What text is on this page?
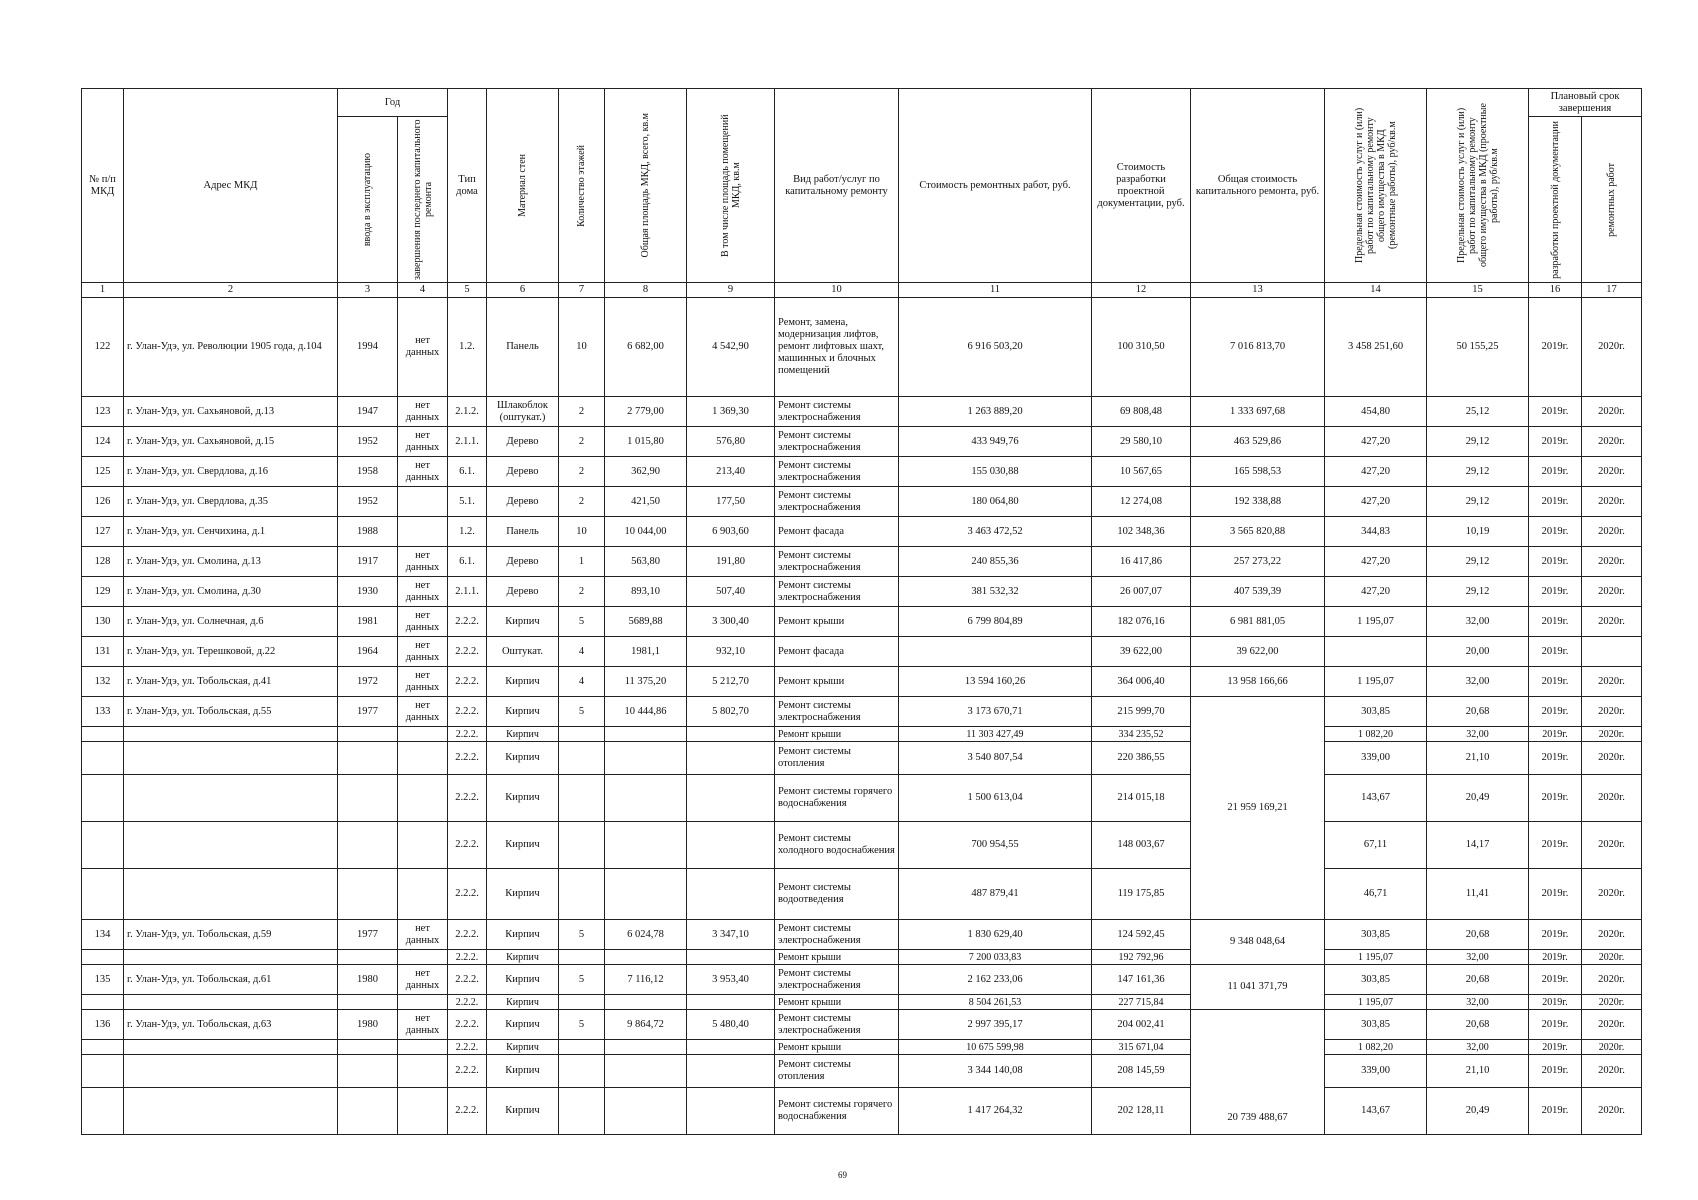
№ п/п МКД	Адрес МКД	Год		Тип дома	Материал стен	Количество этажей	Общая площадь МКД, всего, кв.м	В том числе площадь помещений МКД, кв.м	Вид работ/услуг по капитальному ремонту	Стоимость ремонтных работ, руб.	Стоимость разработки проектной документации, руб.	Общая стоимость капитального ремонта, руб.	Предельная стоимость услуг и (или) работ по капитальному ремонту общего имущества в МКД (ремонтные работы), руб/кв.м	Предельная стоимость услуг и (или) работ по капитальному ремонту общего имущества в МКД (проектные работы), руб/кв.м	Плановый срок завершения	

		ввода в эксплуатацию	завершения последнего капитального ремонта												разработки проектной документации	ремонтных работ

1	2	3	4	5	6	7	8	9	10	11	12	13	14	15	16	17
122	г. Улан-Удэ, ул. Революции 1905 года, д.104	1994	нет данных	1.2.	Панель	10	6 682,00	4 542,90	Ремонт, замена, модернизация лифтов, ремонт лифтовых шахт, машинных и блочных помещений	6 916 503,20	100 310,50	7 016 813,70	3 458 251,60	50 155,25	2019г.	2020г.
123	г. Улан-Удэ, ул. Сахьяновой, д.13	1947	нет данных	2.1.2.	Шлакоблок (оштукат.)	2	2 779,00	1 369,30	Ремонт системы электроснабжения	1 263 889,20	69 808,48	1 333 697,68	454,80	25,12	2019г.	2020г.
124	г. Улан-Удэ, ул. Сахьяновой, д.15	1952	нет данных	2.1.1.	Дерево	2	1 015,80	576,80	Ремонт системы электроснабжения	433 949,76	29 580,10	463 529,86	427,20	29,12	2019г.	2020г.
125	г. Улан-Удэ, ул. Свердлова, д.16	1958	нет данных	6.1.	Дерево	2	362,90	213,40	Ремонт системы электроснабжения	155 030,88	10 567,65	165 598,53	427,20	29,12	2019г.	2020г.
126	г. Улан-Удэ, ул. Свердлова, д.35	1952		5.1.	Дерево	2	421,50	177,50	Ремонт системы электроснабжения	180 064,80	12 274,08	192 338,88	427,20	29,12	2019г.	2020г.
127	г. Улан-Удэ, ул. Сенчихина, д.1	1988		1.2.	Панель	10	10 044,00	6 903,60	Ремонт фасада	3 463 472,52	102 348,36	3 565 820,88	344,83	10,19	2019г.	2020г.
128	г. Улан-Удэ, ул. Смолина, д.13	1917	нет данных	6.1.	Дерево	1	563,80	191,80	Ремонт системы электроснабжения	240 855,36	16 417,86	257 273,22	427,20	29,12	2019г.	2020г.
129	г. Улан-Удэ, ул. Смолина, д.30	1930	нет данных	2.1.1.	Дерево	2	893,10	507,40	Ремонт системы электроснабжения	381 532,32	26 007,07	407 539,39	427,20	29,12	2019г.	2020г.
130	г. Улан-Удэ, ул. Солнечная, д.6	1981	нет данных	2.2.2.	Кирпич	5	5689,88	3 300,40	Ремонт крыши	6 799 804,89	182 076,16	6 981 881,05	1 195,07	32,00	2019г.	2020г.
131	г. Улан-Удэ, ул. Терешковой, д.22	1964	нет данных	2.2.2.	Оштукат.	4	1981,1	932,10	Ремонт фасада		39 622,00	39 622,00		20,00	2019г.	
132	г. Улан-Удэ, ул. Тобольская, д.41	1972	нет данных	2.2.2.	Кирпич	4	11 375,20	5 212,70	Ремонт крыши	13 594 160,26	364 006,40	13 958 166,66	1 195,07	32,00	2019г.	2020г.
133	г. Улан-Удэ, ул. Тобольская, д.55	1977	нет данных	2.2.2.	Кирпич	5	10 444,86	5 802,70	Ремонт системы электроснабжения	3 173 670,71	215 999,70	21 959 169,21	303,85	20,68	2019г.	2020г.
				2.2.2.	Кирпич				Ремонт крыши	11 303 427,49	334 235,52		1 082,20	32,00	2019г.	2020г.
				2.2.2.	Кирпич				Ремонт системы отопления	3 540 807,54	220 386,55		339,00	21,10	2019г.	2020г.
				2.2.2.	Кирпич				Ремонт системы горячего водоснабжения	1 500 613,04	214 015,18		143,67	20,49	2019г.	2020г.
				2.2.2.	Кирпич				Ремонт системы холодного водоснабжения	700 954,55	148 003,67		67,11	14,17	2019г.	2020г.
				2.2.2.	Кирпич				Ремонт системы водоотведения	487 879,41	119 175,85		46,71	11,41	2019г.	2020г.
134	г. Улан-Удэ, ул. Тобольская, д.59	1977	нет данных	2.2.2.	Кирпич	5	6 024,78	3 347,10	Ремонт системы электроснабжения	1 830 629,40	124 592,45	9 348 048,64	303,85	20,68	2019г.	2020г.
				2.2.2.	Кирпич				Ремонт крыши	7 200 033,83	192 792,96		1 195,07	32,00	2019г.	2020г.
135	г. Улан-Удэ, ул. Тобольская, д.61	1980	нет данных	2.2.2.	Кирпич	5	7 116,12	3 953,40	Ремонт системы электроснабжения	2 162 233,06	147 161,36	11 041 371,79	303,85	20,68	2019г.	2020г.
				2.2.2.	Кирпич				Ремонт крыши	8 504 261,53	227 715,84		1 195,07	32,00	2019г.	2020г.
136	г. Улан-Удэ, ул. Тобольская, д.63	1980	нет данных	2.2.2.	Кирпич	5	9 864,72	5 480,40	Ремонт системы электроснабжения	2 997 395,17	204 002,41	20 739 488,67	303,85	20,68	2019г.	2020г.
				2.2.2.	Кирпич				Ремонт крыши	10 675 599,98	315 671,04		1 082,20	32,00	2019г.	2020г.
				2.2.2.	Кирпич				Ремонт системы отопления	3 344 140,08	208 145,59		339,00	21,10	2019г.	2020г.
				2.2.2.	Кирпич				Ремонт системы горячего водоснабжения	1 417 264,32	202 128,11		143,67	20,49	2019г.	2020г.
69
